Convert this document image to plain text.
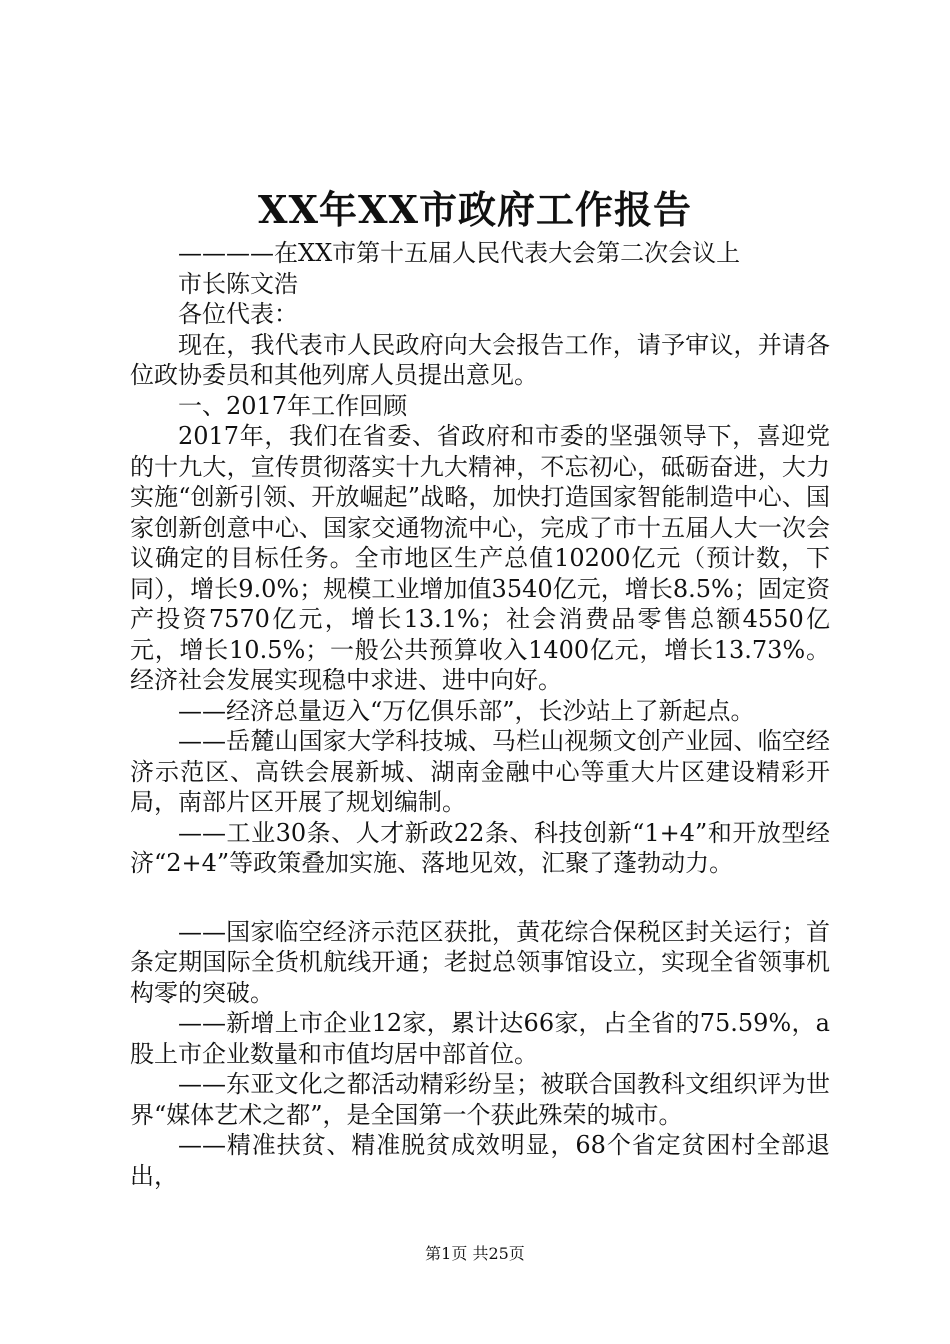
XX年XX市政府工作报告

————在XX市第十五届人民代表大会第二次会议上

市长陈文浩

各位代表：

现在，我代表市人民政府向大会报告工作，请予审议，并请各位政协委员和其他列席人员提出意见。

一、2017年工作回顾

2017年，我们在省委、省政府和市委的坚强领导下，喜迎党的十九大，宣传贯彻落实十九大精神，不忘初心，砥砺奋进，大力实施“创新引领、开放崛起”战略，加快打造国家智能制造中心、国家创新创意中心、国家交通物流中心，完成了市十五届人大一次会议确定的目标任务。全市地区生产总值10200亿元（预计数，下同），增长9.0%；规模工业增加值3540亿元，增长8.5%；固定资产投资7570亿元，增长13.1%；社会消费品零售总额4550亿元，增长10.5%；一般公共预算收入1400亿元，增长13.73%。经济社会发展实现稳中求进、进中向好。

——经济总量迈入“万亿俱乐部”，长沙站上了新起点。

——岳麓山国家大学科技城、马栏山视频文创产业园、临空经济示范区、高铁会展新城、湖南金融中心等重大片区建设精彩开局，南部片区开展了规划编制。

——工业30条、人才新政22条、科技创新“1+4”和开放型经济“2+4”等政策叠加实施、落地见效，汇聚了蓬勃动力。

——国家临空经济示范区获批，黄花综合保税区封关运行；首条定期国际全货机航线开通；老挝总领事馆设立，实现全省领事机构零的突破。

——新增上市企业12家，累计达66家，占全省的75.59%，a股上市企业数量和市值均居中部首位。

——东亚文化之都活动精彩纷呈；被联合国教科文组织评为世界“媒体艺术之都”，是全国第一个获此殊荣的城市。

——精准扶贫、精准脱贫成效明显，68个省定贫困村全部退出，

第1页 共25页
